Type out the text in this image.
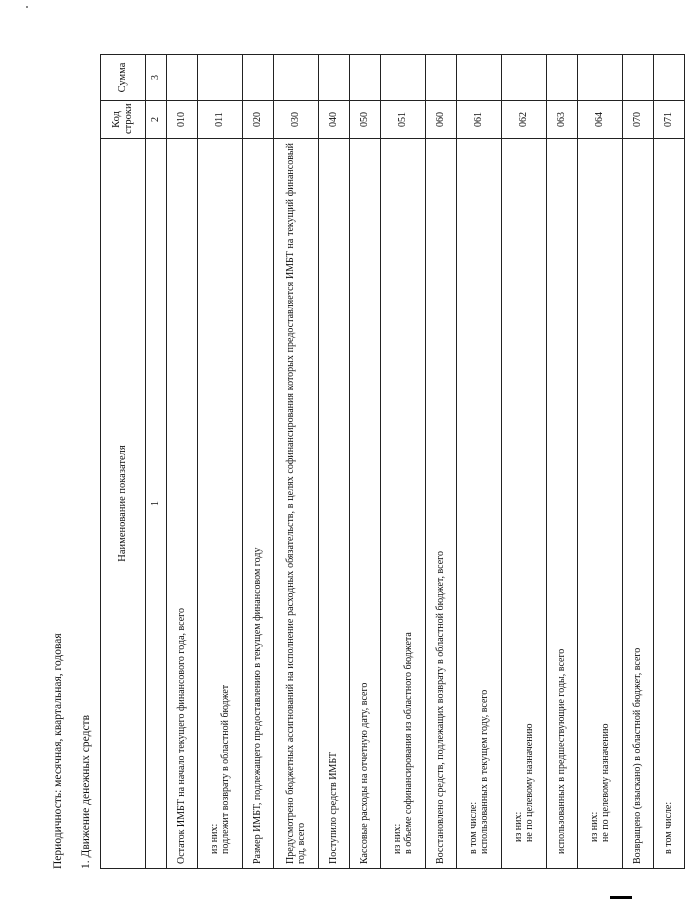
Периодичность: месячная, квартальная, годовая 1. Движение денежных средств
Наименование показателя	Код строки	Сумма
1	2	3

Остаток ИМБТ на начало текущего финансового года, всего	010	

из них: подлежит возврату в областной бюджет	011	

Размер ИМБТ, подлежащего предоставлению в текущем финансовом году	020	

Предусмотрено бюджетных ассигнований на исполнение расходных обязательств, в целях софинансирования которых предоставляется ИМБТ на текущий финансовый год, всего	030	

Поступило средств ИМБТ	040	

Кассовые расходы на отчетную дату, всего	050	

из них: в объеме софинансирования из областного бюджета	051	

Восстановлено средств, подлежащих возврату в областной бюджет, всего	060	

в том числе: использованных в текущем году, всего	061	

из них: не по целевому назначению	062	

использованных в предшествующие годы, всего	063	

из них: не по целевому назначению	064	

Возвращено (взыскано) в областной бюджет, всего	070	

в том числе:	071	
